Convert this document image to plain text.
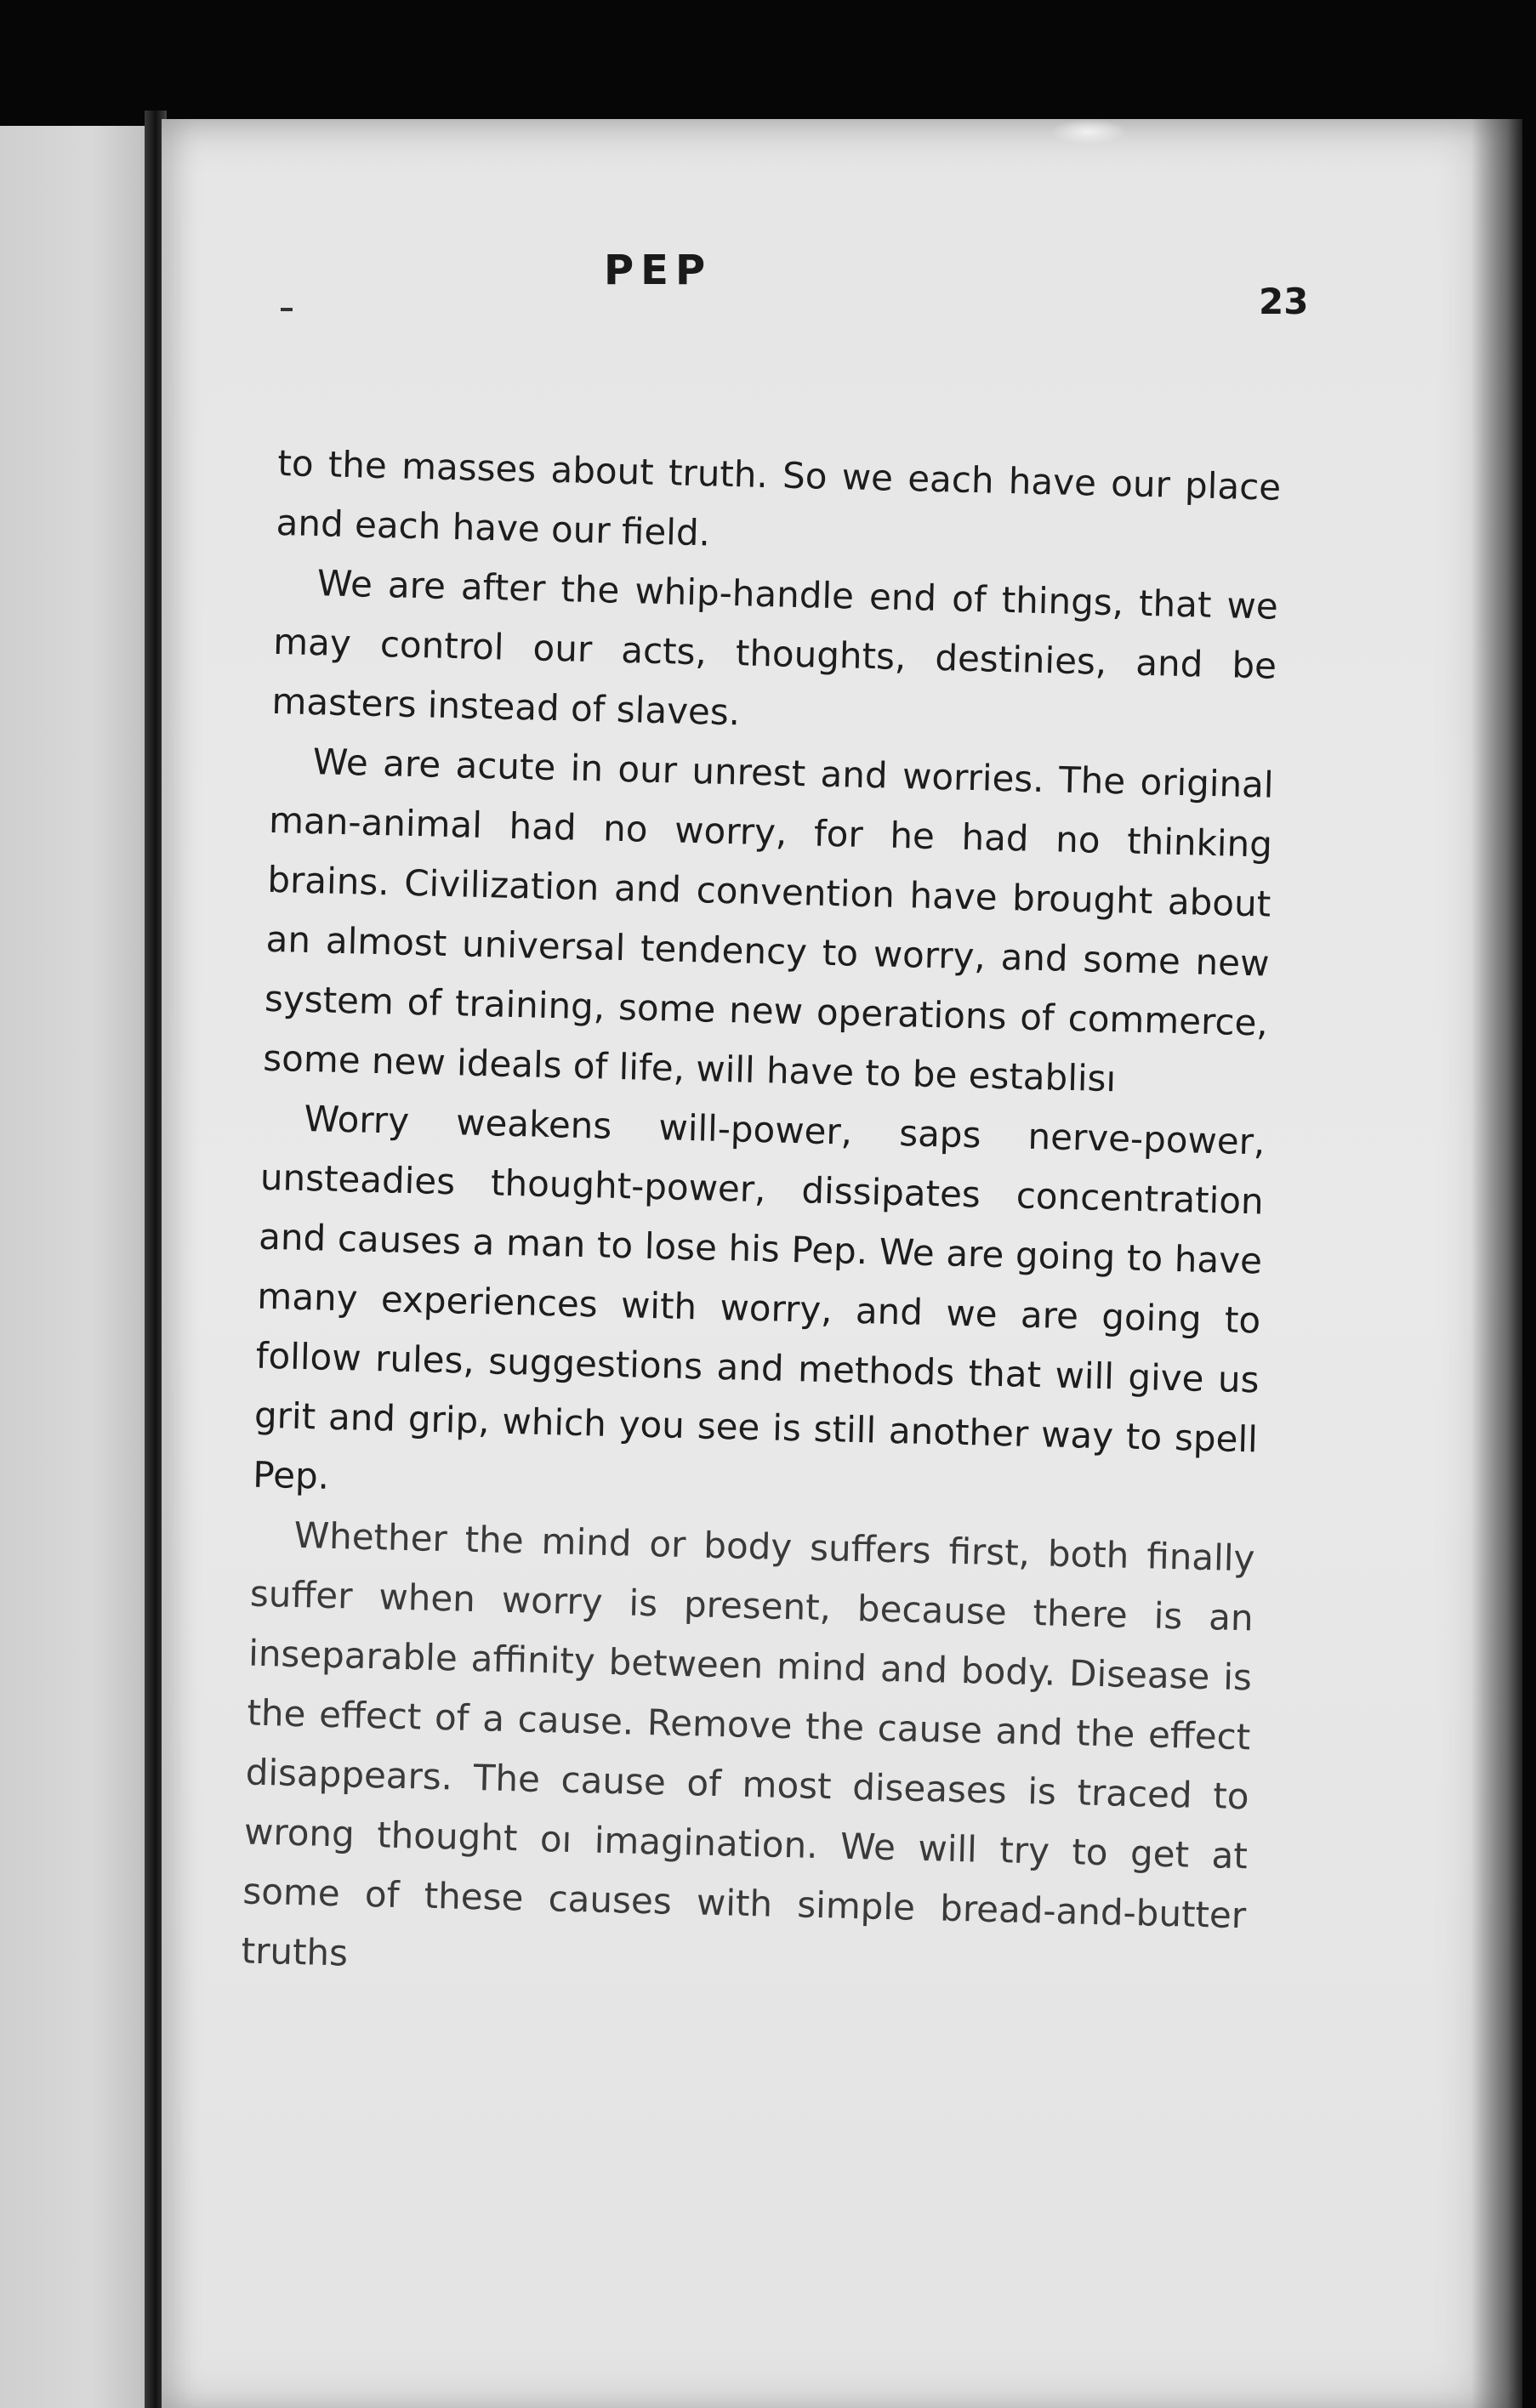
PEP
23

to the masses about truth. So we each have our place and each have our field.

We are after the whip-handle end of things, that we may control our acts, thoughts, destinies, and be masters instead of slaves.

We are acute in our unrest and worries. The original man-animal had no worry, for he had no thinking brains. Civilization and convention have brought about an almost universal tendency to worry, and some new system of training, some new operations of commerce, some new ideals of life, will have to be establisı

Worry weakens will-power, saps nerve-power, unsteadies thought-power, dissipates concentration and causes a man to lose his Pep. We are going to have many experiences with worry, and we are going to follow rules, suggestions and methods that will give us grit and grip, which you see is still another way to spell Pep.

Whether the mind or body suffers first, both finally suffer when worry is present, because there is an inseparable affinity between mind and body. Disease is the effect of a cause. Remove the cause and the effect disappears. The cause of most diseases is traced to wrong thought oı imagination. We will try to get at some of these causes with simple bread-and-butter truths
